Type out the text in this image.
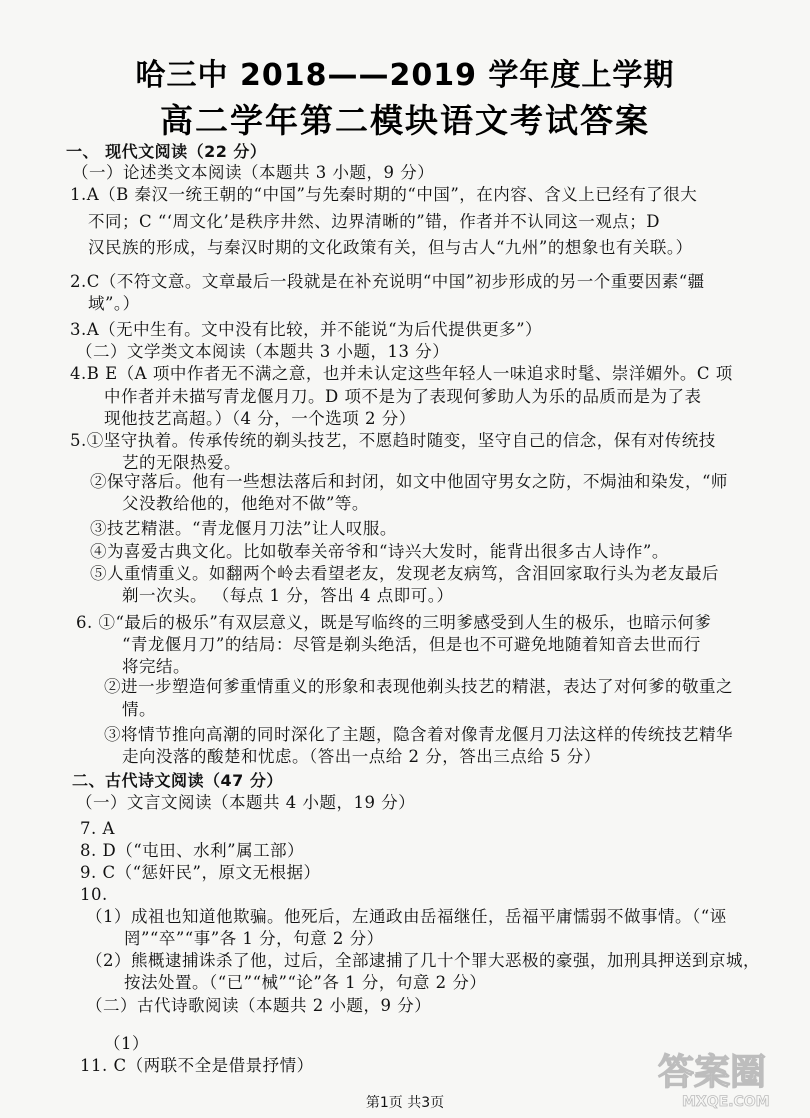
哈三中 2018——2019 学年度上学期
高二学年第二模块语文考试答案
一、 现代文阅读（22 分）
（一）论述类文本阅读（本题共 3 小题，9 分）
1.A（B 秦汉一统王朝的“中国”与先秦时期的“中国”，在内容、含义上已经有了很大
不同；C “‘周文化’是秩序井然、边界清晰的”错，作者并不认同这一观点；D
汉民族的形成，与秦汉时期的文化政策有关，但与古人“九州”的想象也有关联。）
2.C（不符文意。文章最后一段就是在补充说明“中国”初步形成的另一个重要因素“疆
域”。）
3.A（无中生有。文中没有比较，并不能说“为后代提供更多”）
（二）文学类文本阅读（本题共 3 小题，13 分）
4.B E（A 项中作者无不满之意，也并未认定这些年轻人一味追求时髦、崇洋媚外。C 项
中作者并未描写青龙偃月刀。D 项不是为了表现何爹助人为乐的品质而是为了表
现他技艺高超。）（4 分，一个选项 2 分）
5.①坚守执着。传承传统的剃头技艺，不愿趋时随变，坚守自己的信念，保有对传统技
艺的无限热爱。
②保守落后。他有一些想法落后和封闭，如文中他固守男女之防，不焗油和染发，“师
父没教给他的，他绝对不做”等。
③技艺精湛。“青龙偃月刀法”让人叹服。
④为喜爱古典文化。比如敬奉关帝爷和“诗兴大发时，能背出很多古人诗作”。
⑤人重情重义。如翻两个岭去看望老友，发现老友病笃，含泪回家取行头为老友最后
剃一次头。 （每点 1 分，答出 4 点即可。）
6. ①“最后的极乐”有双层意义，既是写临终的三明爹感受到人生的极乐，也暗示何爹
“青龙偃月刀”的结局：尽管是剃头绝活，但是也不可避免地随着知音去世而行
将完结。
②进一步塑造何爹重情重义的形象和表现他剃头技艺的精湛，表达了对何爹的敬重之
情。
③将情节推向高潮的同时深化了主题，隐含着对像青龙偃月刀法这样的传统技艺精华
走向没落的酸楚和忧虑。（答出一点给 2 分，答出三点给 5 分）
二、古代诗文阅读（47 分）
（一）文言文阅读（本题共 4 小题，19 分）
7. A
8. D（“屯田、水利”属工部）
9. C（“惩奸民”，原文无根据）
10.
（1）成祖也知道他欺骗。他死后，左通政由岳福继任，岳福平庸懦弱不做事情。（“诬
罔”“卒”“事”各 1 分，句意 2 分）
（2）熊概逮捕诛杀了他，过后，全部逮捕了几十个罪大恶极的豪强，加刑具押送到京城，
按法处置。（“已”“械”“论”各 1 分，句意 2 分）
（二）古代诗歌阅读（本题共 2 小题，9 分）
（1）
11. C（两联不全是借景抒情）
第1页 共3页
答案圈
MXQE.COM
